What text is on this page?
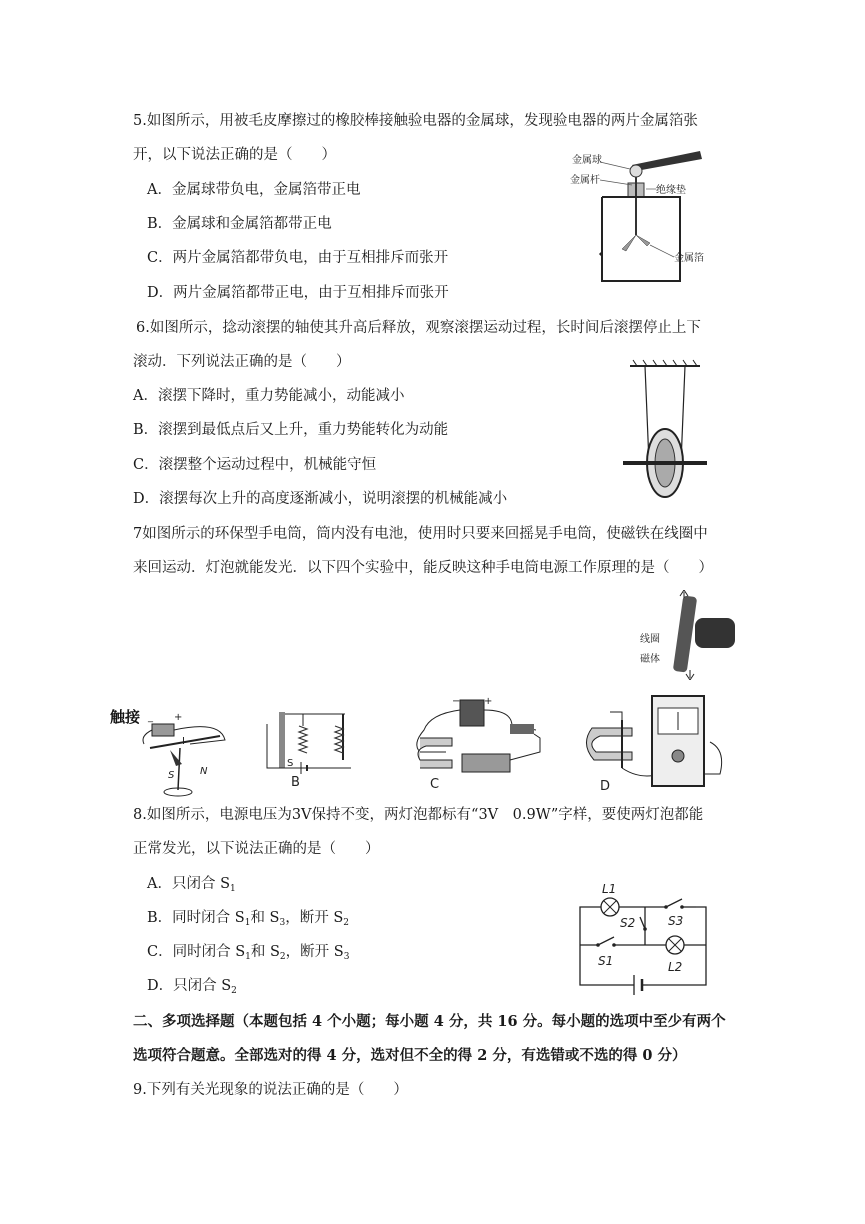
5.如图所示，用被毛皮摩擦过的橡胶棒接触验电器的金属球，发现验电器的两片金属箔张
开，以下说法正确的是（　　）
A．金属球带负电，金属箔带正电
B．金属球和金属箔都带正电
C．两片金属箔都带负电，由于互相排斥而张开
D．两片金属箔都带正电，由于互相排斥而张开
金属球
金属杆
绝缘垫
金属箔
6.如图所示，捻动滚摆的轴使其升高后释放，观察滚摆运动过程，长时间后滚摆停止上下
滚动．下列说法正确的是（　　）
A．滚摆下降时，重力势能减小，动能减小
B．滚摆到最低点后又上升，重力势能转化为动能
C．滚摆整个运动过程中，机械能守恒
D．滚摆每次上升的高度逐渐减小，说明滚摆的机械能减小
7如图所示的环保型手电筒，筒内没有电池，使用时只要来回摇晃手电筒，使磁铁在线圈中
来回运动．灯泡就能发光．以下四个实验中，能反映这种手电筒电源工作原理的是（　　）
线圈
磁体
触接 _ +
S	N
S
B
− +
C	D
8.如图所示，电源电压为3V保持不变，两灯泡都标有“3V　0.9W”字样，要使两灯泡都能
正常发光，以下说法正确的是（　　）
A．只闭合 $S_1$
B．同时闭合 $S_1$和 $S_3$，断开 $S_2$
C．同时闭合 $S_1$和 $S_2$，断开 $S_3$
D．只闭合 $S_2$
L1
S3
S2
S1	L2
二、多项选择题（本题包括 4 个小题；每小题 4 分，共 16 分。每小题的选项中至少有两个
选项符合题意。全部选对的得 4 分，选对但不全的得 2 分，有选错或不选的得 0 分）
9.下列有关光现象的说法正确的是（　　）
